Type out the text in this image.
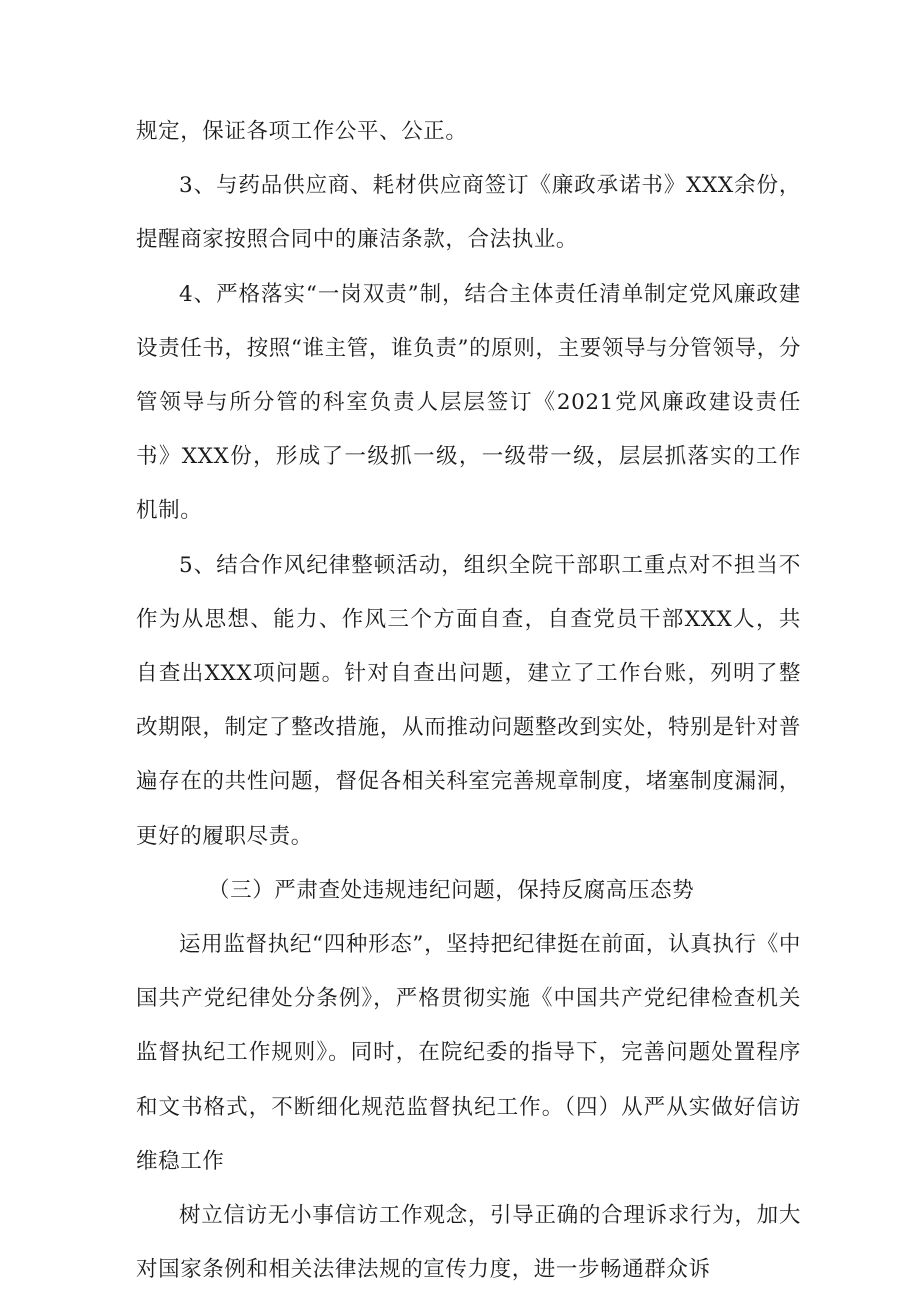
规定，保证各项工作公平、公正。

3、与药品供应商、耗材供应商签订《廉政承诺书》XXX余份，提醒商家按照合同中的廉洁条款，合法执业。

4、严格落实“一岗双责”制，结合主体责任清单制定党风廉政建设责任书，按照“谁主管，谁负责”的原则，主要领导与分管领导，分管领导与所分管的科室负责人层层签订《2021党风廉政建设责任书》XXX份，形成了一级抓一级，一级带一级，层层抓落实的工作机制。

5、结合作风纪律整顿活动，组织全院干部职工重点对不担当不作为从思想、能力、作风三个方面自查，自查党员干部XXX人，共自查出XXX项问题。针对自查出问题，建立了工作台账，列明了整改期限，制定了整改措施，从而推动问题整改到实处，特别是针对普遍存在的共性问题，督促各相关科室完善规章制度，堵塞制度漏洞，更好的履职尽责。

（三）严肃查处违规违纪问题，保持反腐高压态势

运用监督执纪“四种形态”，坚持把纪律挺在前面，认真执行《中国共产党纪律处分条例》，严格贯彻实施《中国共产党纪律检查机关监督执纪工作规则》。同时，在院纪委的指导下，完善问题处置程序和文书格式，不断细化规范监督执纪工作。（四）从严从实做好信访维稳工作

树立信访无小事信访工作观念，引导正确的合理诉求行为，加大对国家条例和相关法律法规的宣传力度，进一步畅通群众诉
